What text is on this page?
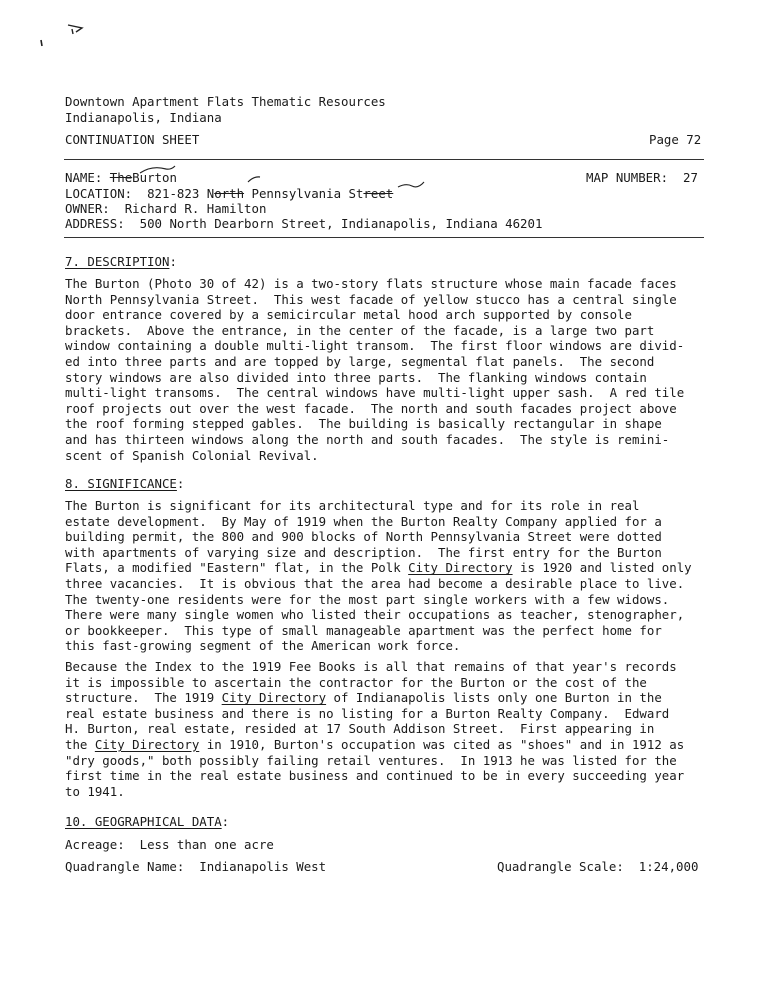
Downtown Apartment Flats Thematic Resources
Indianapolis, Indiana
CONTINUATION SHEET	Page 72
NAME: TheBurton	MAP NUMBER: 27
LOCATION: 821-823 North Pennsylvania Street
OWNER: Richard R. Hamilton
ADDRESS: 500 North Dearborn Street, Indianapolis, Indiana 46201
7. DESCRIPTION:
The Burton (Photo 30 of 42) is a two-story flats structure whose main facade faces
North Pennsylvania Street.  This west facade of yellow stucco has a central single
door entrance covered by a semicircular metal hood arch supported by console
brackets.  Above the entrance, in the center of the facade, is a large two part
window containing a double multi-light transom.  The first floor windows are divid-
ed into three parts and are topped by large, segmental flat panels.  The second
story windows are also divided into three parts.  The flanking windows contain
multi-light transoms.  The central windows have multi-light upper sash.  A red tile
roof projects out over the west facade.  The north and south facades project above
the roof forming stepped gables.  The building is basically rectangular in shape
and has thirteen windows along the north and south facades.  The style is remini-
scent of Spanish Colonial Revival.
8. SIGNIFICANCE:
The Burton is significant for its architectural type and for its role in real
estate development.  By May of 1919 when the Burton Realty Company applied for a
building permit, the 800 and 900 blocks of North Pennsylvania Street were dotted
with apartments of varying size and description.  The first entry for the Burton
Flats, a modified "Eastern" flat, in the Polk City Directory is 1920 and listed only
three vacancies.  It is obvious that the area had become a desirable place to live.
The twenty-one residents were for the most part single workers with a few widows.
There were many single women who listed their occupations as teacher, stenographer,
or bookkeeper.  This type of small manageable apartment was the perfect home for
this fast-growing segment of the American work force.
Because the Index to the 1919 Fee Books is all that remains of that year's records
it is impossible to ascertain the contractor for the Burton or the cost of the
structure.  The 1919 City Directory of Indianapolis lists only one Burton in the
real estate business and there is no listing for a Burton Realty Company.  Edward
H. Burton, real estate, resided at 17 South Addison Street.  First appearing in
the City Directory in 1910, Burton's occupation was cited as "shoes" and in 1912 as
"dry goods," both possibly failing retail ventures.  In 1913 he was listed for the
first time in the real estate business and continued to be in every succeeding year
to 1941.
10. GEOGRAPHICAL DATA:
Acreage: Less than one acre
Quadrangle Name: Indianapolis West	Quadrangle Scale: 1:24,000
